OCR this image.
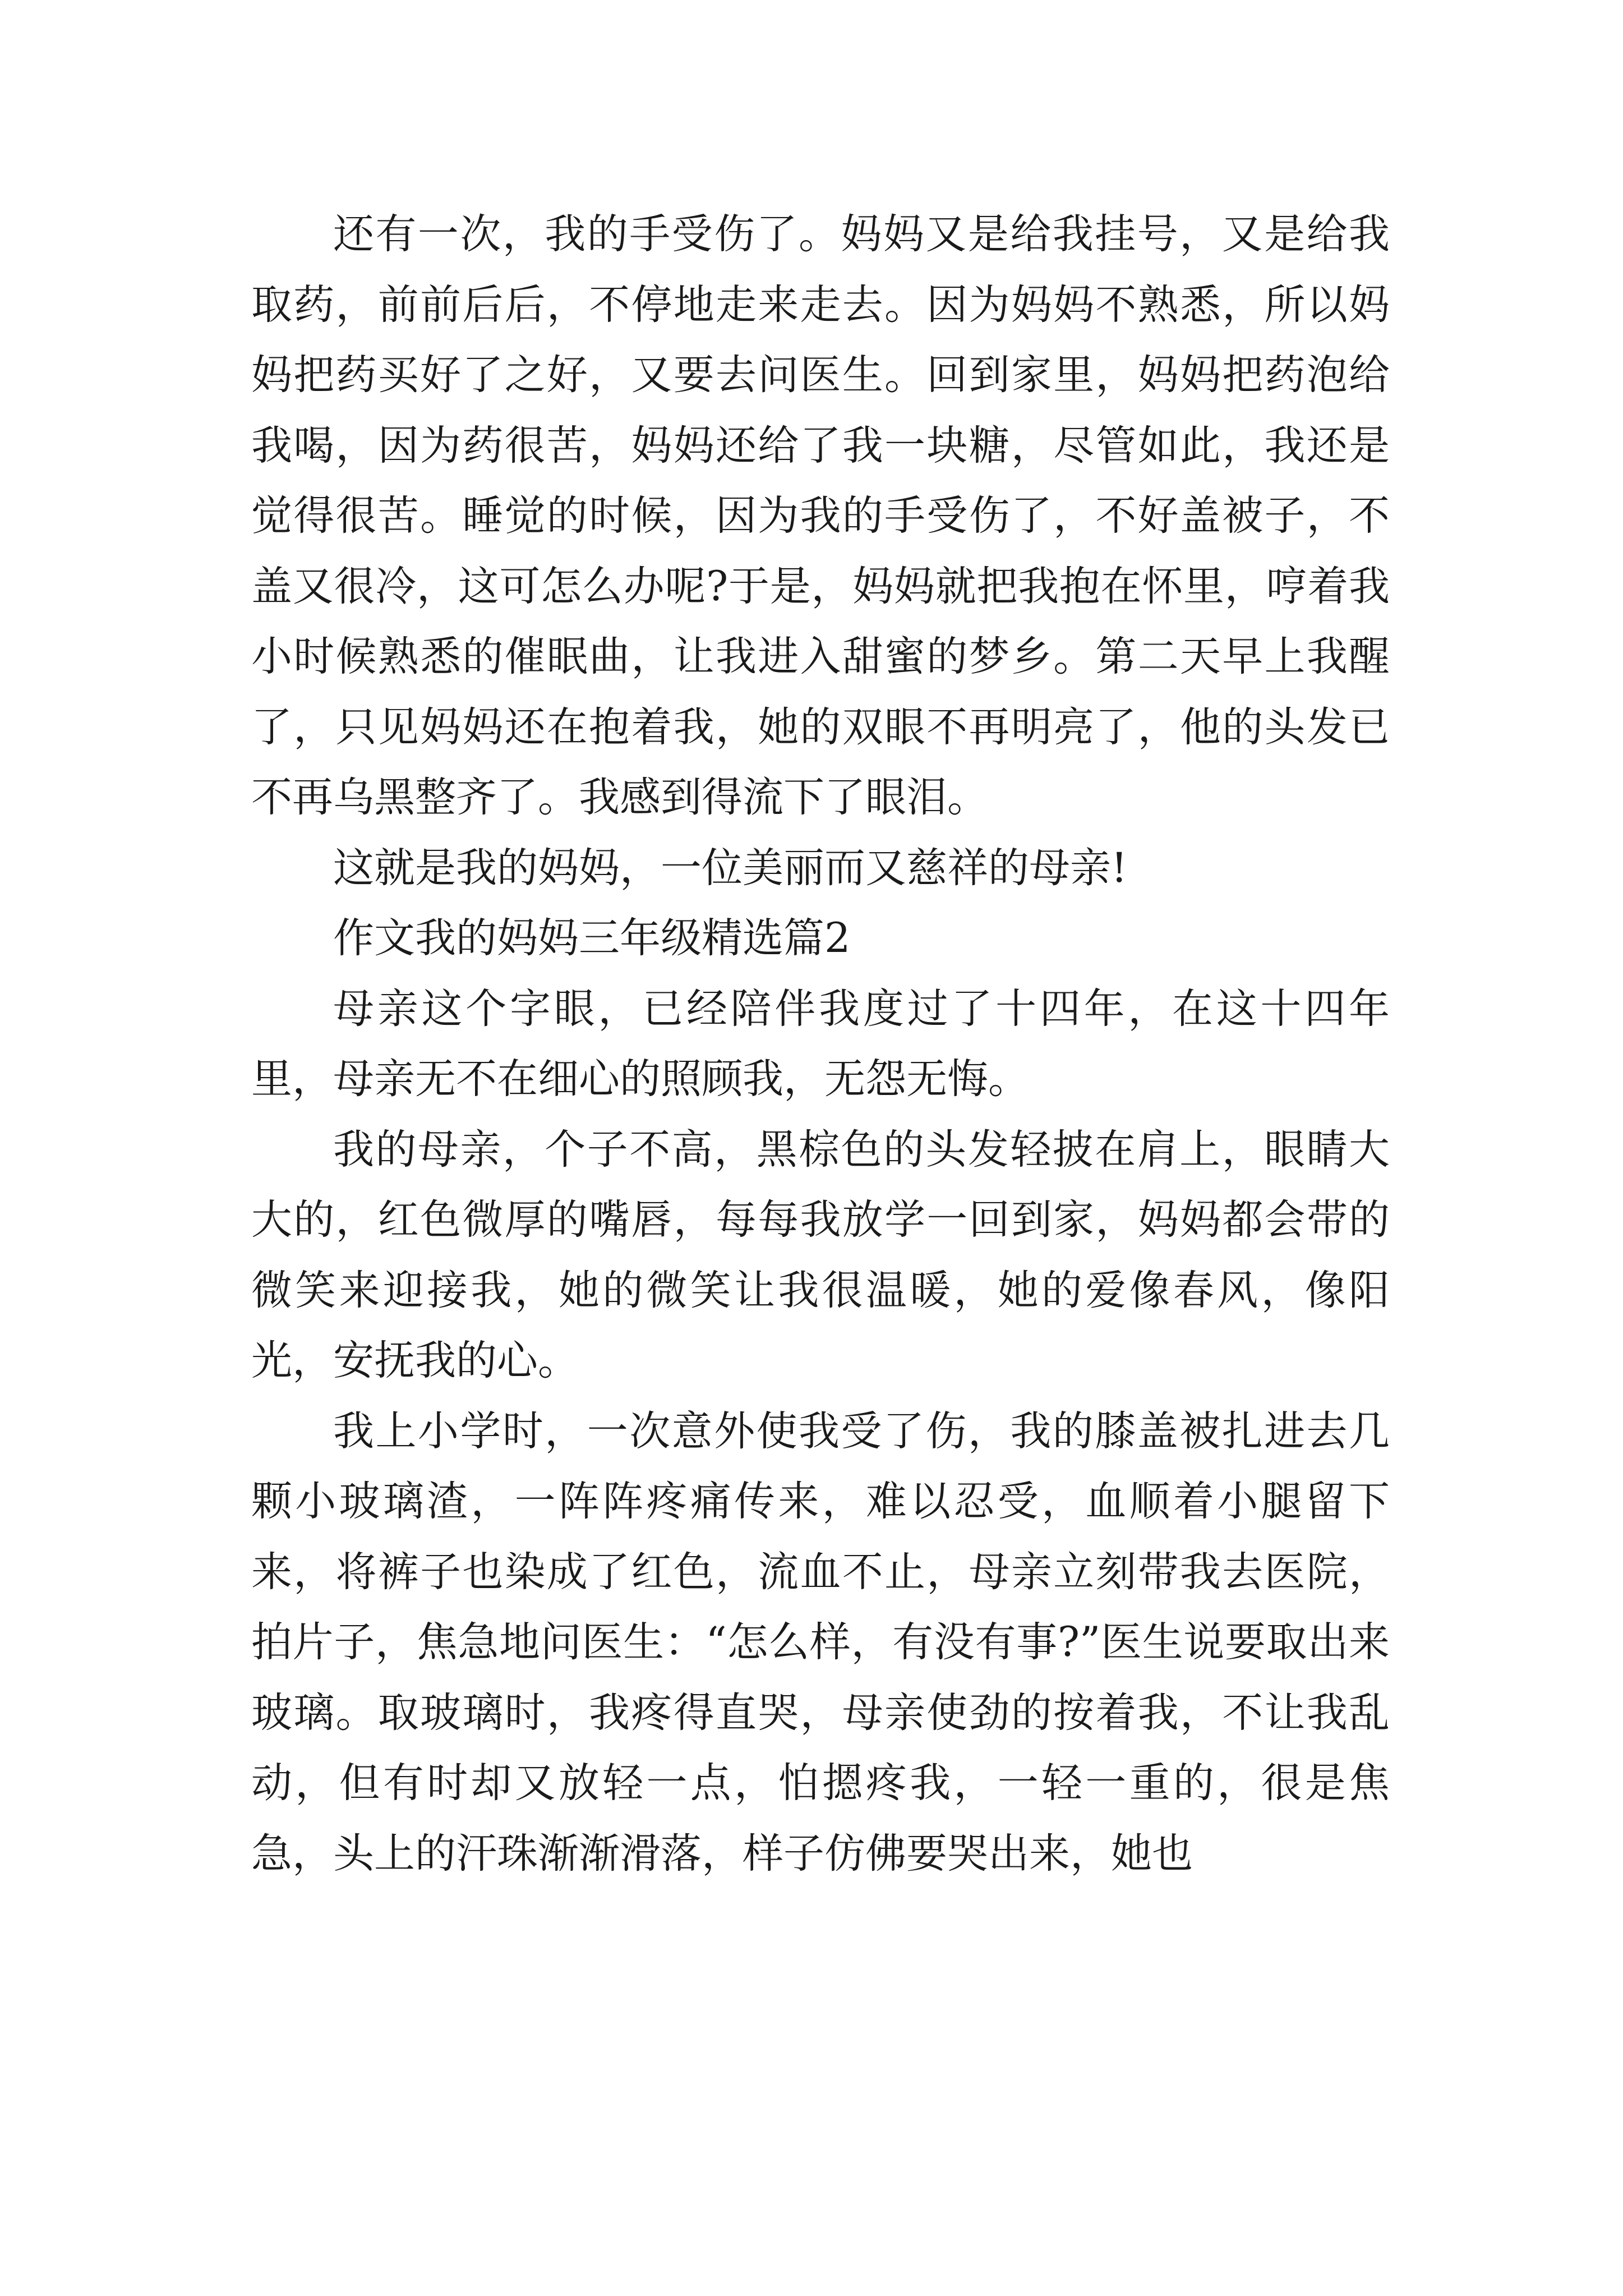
还有一次，我的手受伤了。妈妈又是给我挂号，又是给我取药，前前后后，不停地走来走去。因为妈妈不熟悉，所以妈妈把药买好了之好，又要去问医生。回到家里，妈妈把药泡给我喝，因为药很苦，妈妈还给了我一块糖，尽管如此，我还是觉得很苦。睡觉的时候，因为我的手受伤了，不好盖被子，不盖又很冷，这可怎么办呢?于是，妈妈就把我抱在怀里，哼着我小时候熟悉的催眠曲，让我进入甜蜜的梦乡。第二天早上我醒了，只见妈妈还在抱着我，她的双眼不再明亮了，他的头发已不再乌黑整齐了。我感到得流下了眼泪。

这就是我的妈妈，一位美丽而又慈祥的母亲!

作文我的妈妈三年级精选篇2

母亲这个字眼，已经陪伴我度过了十四年，在这十四年里，母亲无不在细心的照顾我，无怨无悔。

我的母亲，个子不高，黑棕色的头发轻披在肩上，眼睛大大的，红色微厚的嘴唇，每每我放学一回到家，妈妈都会带的微笑来迎接我，她的微笑让我很温暖，她的爱像春风，像阳光，安抚我的心。

我上小学时，一次意外使我受了伤，我的膝盖被扎进去几颗小玻璃渣，一阵阵疼痛传来，难以忍受，血顺着小腿留下来，将裤子也染成了红色，流血不止，母亲立刻带我去医院，拍片子，焦急地问医生：“怎么样，有没有事?”医生说要取出来玻璃。取玻璃时，我疼得直哭，母亲使劲的按着我，不让我乱动，但有时却又放轻一点，怕摁疼我，一轻一重的，很是焦急，头上的汗珠渐渐滑落，样子仿佛要哭出来，她也
